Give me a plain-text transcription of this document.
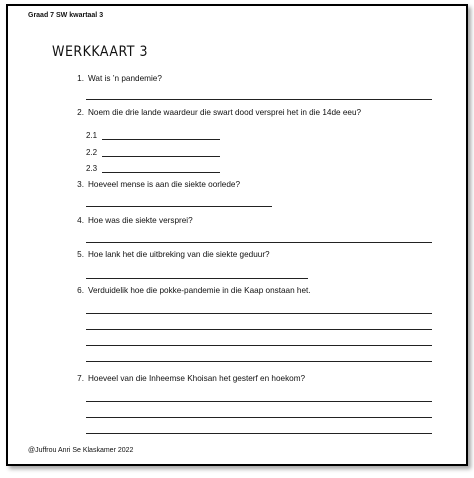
Graad 7 SW kwartaal 3
WERKKAART 3
1. Wat is ’n pandemie?
2. Noem die drie lande waardeur die swart dood versprei het in die 14de eeu?
2.1
2.2
2.3
3. Hoeveel mense is aan die siekte oorlede?
4. Hoe was die siekte versprei?
5. Hoe lank het die uitbreking van die siekte geduur?
6. Verduidelik hoe die pokke-pandemie in die Kaap onstaan het.
7. Hoeveel van die Inheemse Khoisan het gesterf en hoekom?
@Juffrou Anri Se Klaskamer 2022
